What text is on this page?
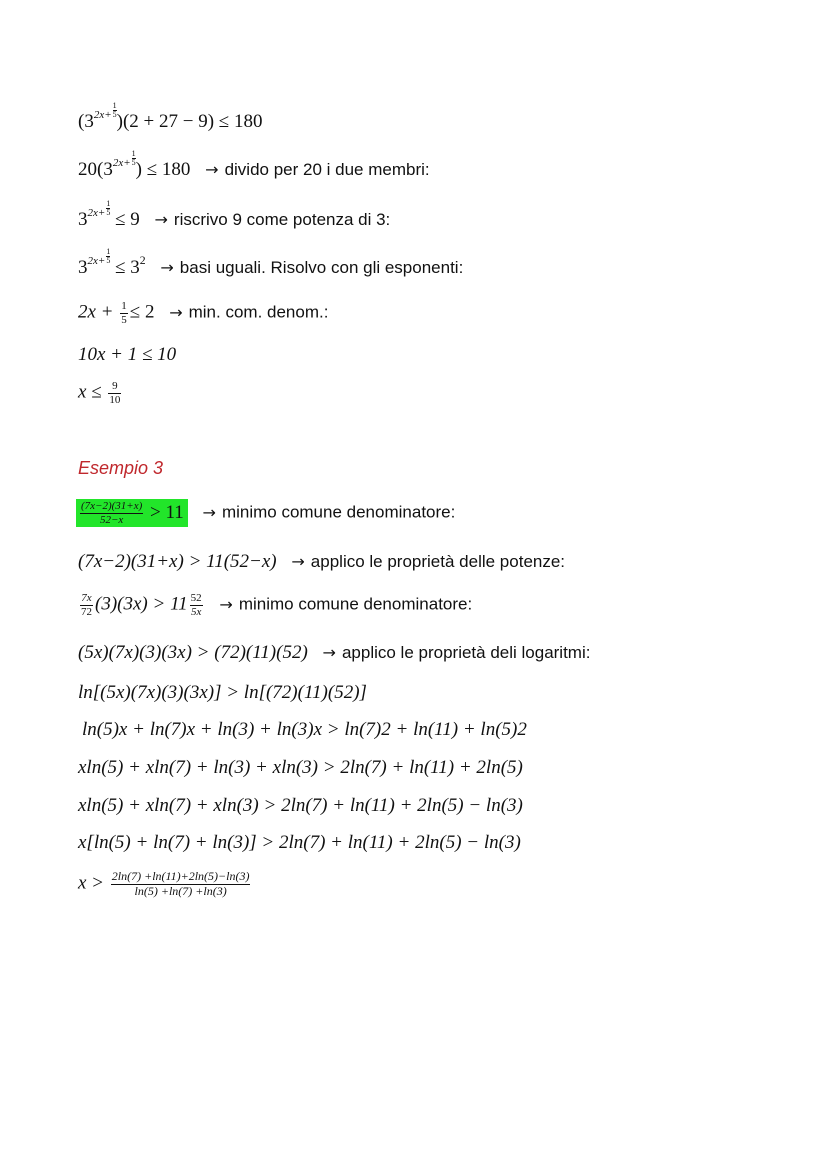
($3^{2x+} \frac{1}{5}$
)(2 + 27 − 9) ≤ 180
$20(3^{2x+} \frac{1}{5}$
) ≤ 180 → divido per 20 i due membri:
$3^{2x+} \frac{1}{5}$
≤ 9 → riscrivo 9 come potenza di 3:
$3^{2x+} \frac{1}{5}$
≤ $3^2$ → basi uguali. Risolvo con gli esponenti:
$2x + \frac{1}{5} \le 2 \to \min$. com. denom.:
10x + 1 ≤ 10
$x \le \frac{9}{10}$
Esempio 3
$\frac{(7x-2)(31+x)}{52-x} > 11$ → minimo comune denominatore:
(7x−2)(31+x) > 11(52−x) → applico le proprietà delle potenze:
$\frac{7x}{72} (3)(3x) > 11 \frac{52}{5x}$ → minimo comune denominatore:
(5x)(7x)(3)(3x) > (72)(11)(52) → applico le proprietà deli logaritmi:
ln[(5x)(7x)(3)(3x)] > ln[(72)(11)(52)]
ln(5)x + ln(7)x + ln(3) + ln(3)x > ln(7)2 + ln(11) + ln(5)2
xln(5) + xln(7) + ln(3) + xln(3) > 2ln(7) + ln(11) + 2ln(5)
xln(5) + xln(7) + xln(3) > 2ln(7) + ln(11) + 2ln(5) − ln(3)
x[ln(5) + ln(7) + ln(3)] > 2ln(7) + ln(11) + 2ln(5) − ln(3)
$x > \frac{2\ln(7) +\ln(11)+2\ln(5)-\ln(3)}{\ln(5) +\ln(7) +\ln(3)}$
